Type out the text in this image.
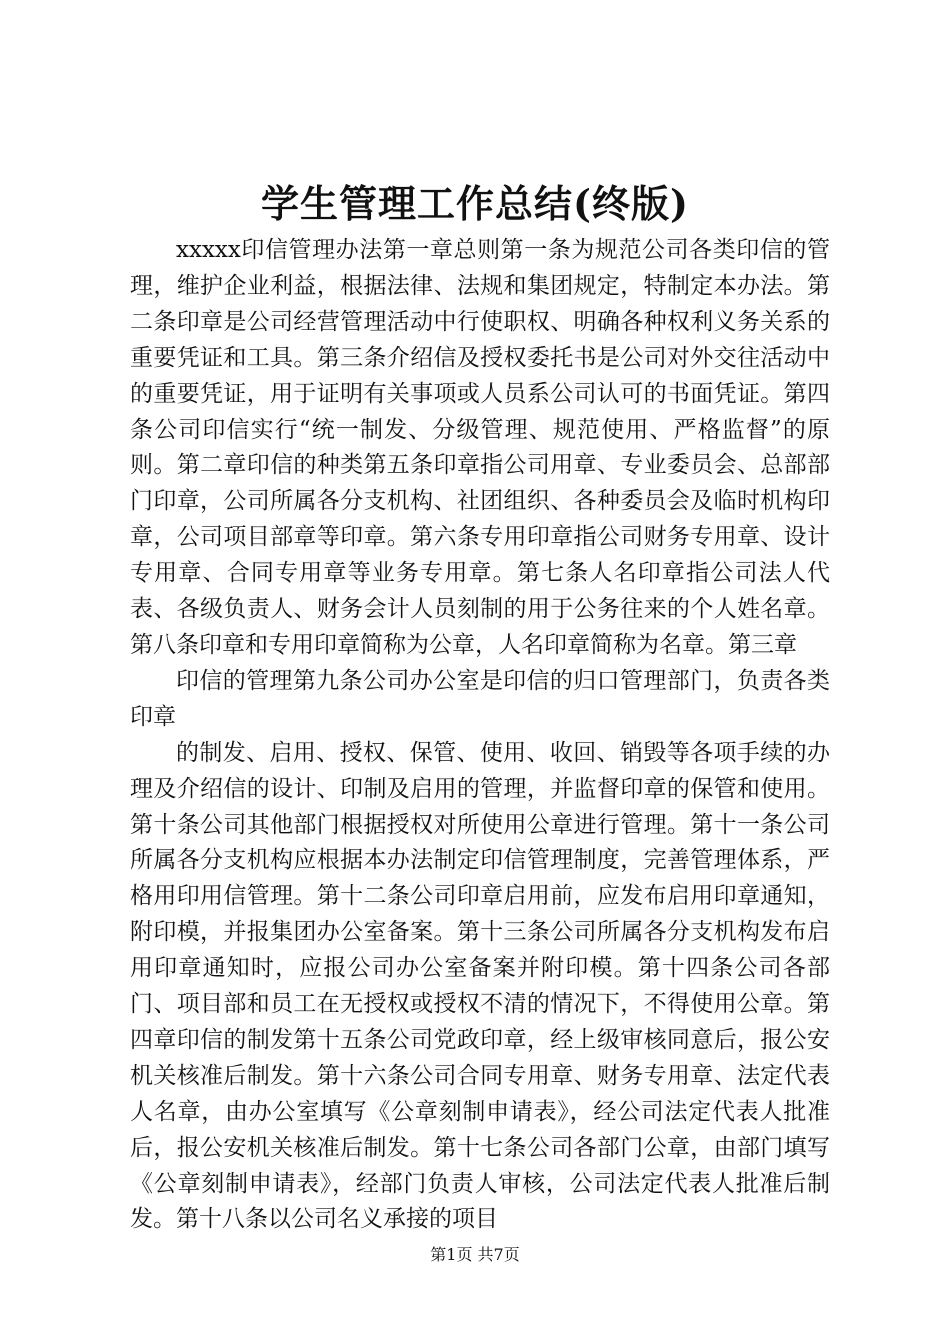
学生管理工作总结(终版)

xxxxx印信管理办法第一章总则第一条为规范公司各类印信的管理，维护企业利益，根据法律、法规和集团规定，特制定本办法。第二条印章是公司经营管理活动中行使职权、明确各种权利义务关系的重要凭证和工具。第三条介绍信及授权委托书是公司对外交往活动中的重要凭证，用于证明有关事项或人员系公司认可的书面凭证。第四条公司印信实行“统一制发、分级管理、规范使用、严格监督”的原则。第二章印信的种类第五条印章指公司用章、专业委员会、总部部门印章，公司所属各分支机构、社团组织、各种委员会及临时机构印章，公司项目部章等印章。第六条专用印章指公司财务专用章、设计专用章、合同专用章等业务专用章。第七条人名印章指公司法人代表、各级负责人、财务会计人员刻制的用于公务往来的个人姓名章。第八条印章和专用印章简称为公章，人名印章简称为名章。第三章

印信的管理第九条公司办公室是印信的归口管理部门，负责各类印章

的制发、启用、授权、保管、使用、收回、销毁等各项手续的办理及介绍信的设计、印制及启用的管理，并监督印章的保管和使用。第十条公司其他部门根据授权对所使用公章进行管理。第十一条公司所属各分支机构应根据本办法制定印信管理制度，完善管理体系，严格用印用信管理。第十二条公司印章启用前，应发布启用印章通知，附印模，并报集团办公室备案。第十三条公司所属各分支机构发布启用印章通知时，应报公司办公室备案并附印模。第十四条公司各部门、项目部和员工在无授权或授权不清的情况下，不得使用公章。第四章印信的制发第十五条公司党政印章，经上级审核同意后，报公安机关核准后制发。第十六条公司合同专用章、财务专用章、法定代表人名章，由办公室填写《公章刻制申请表》，经公司法定代表人批准后，报公安机关核准后制发。第十七条公司各部门公章，由部门填写《公章刻制申请表》，经部门负责人审核，公司法定代表人批准后制发。第十八条以公司名义承接的项目

第1页 共7页
